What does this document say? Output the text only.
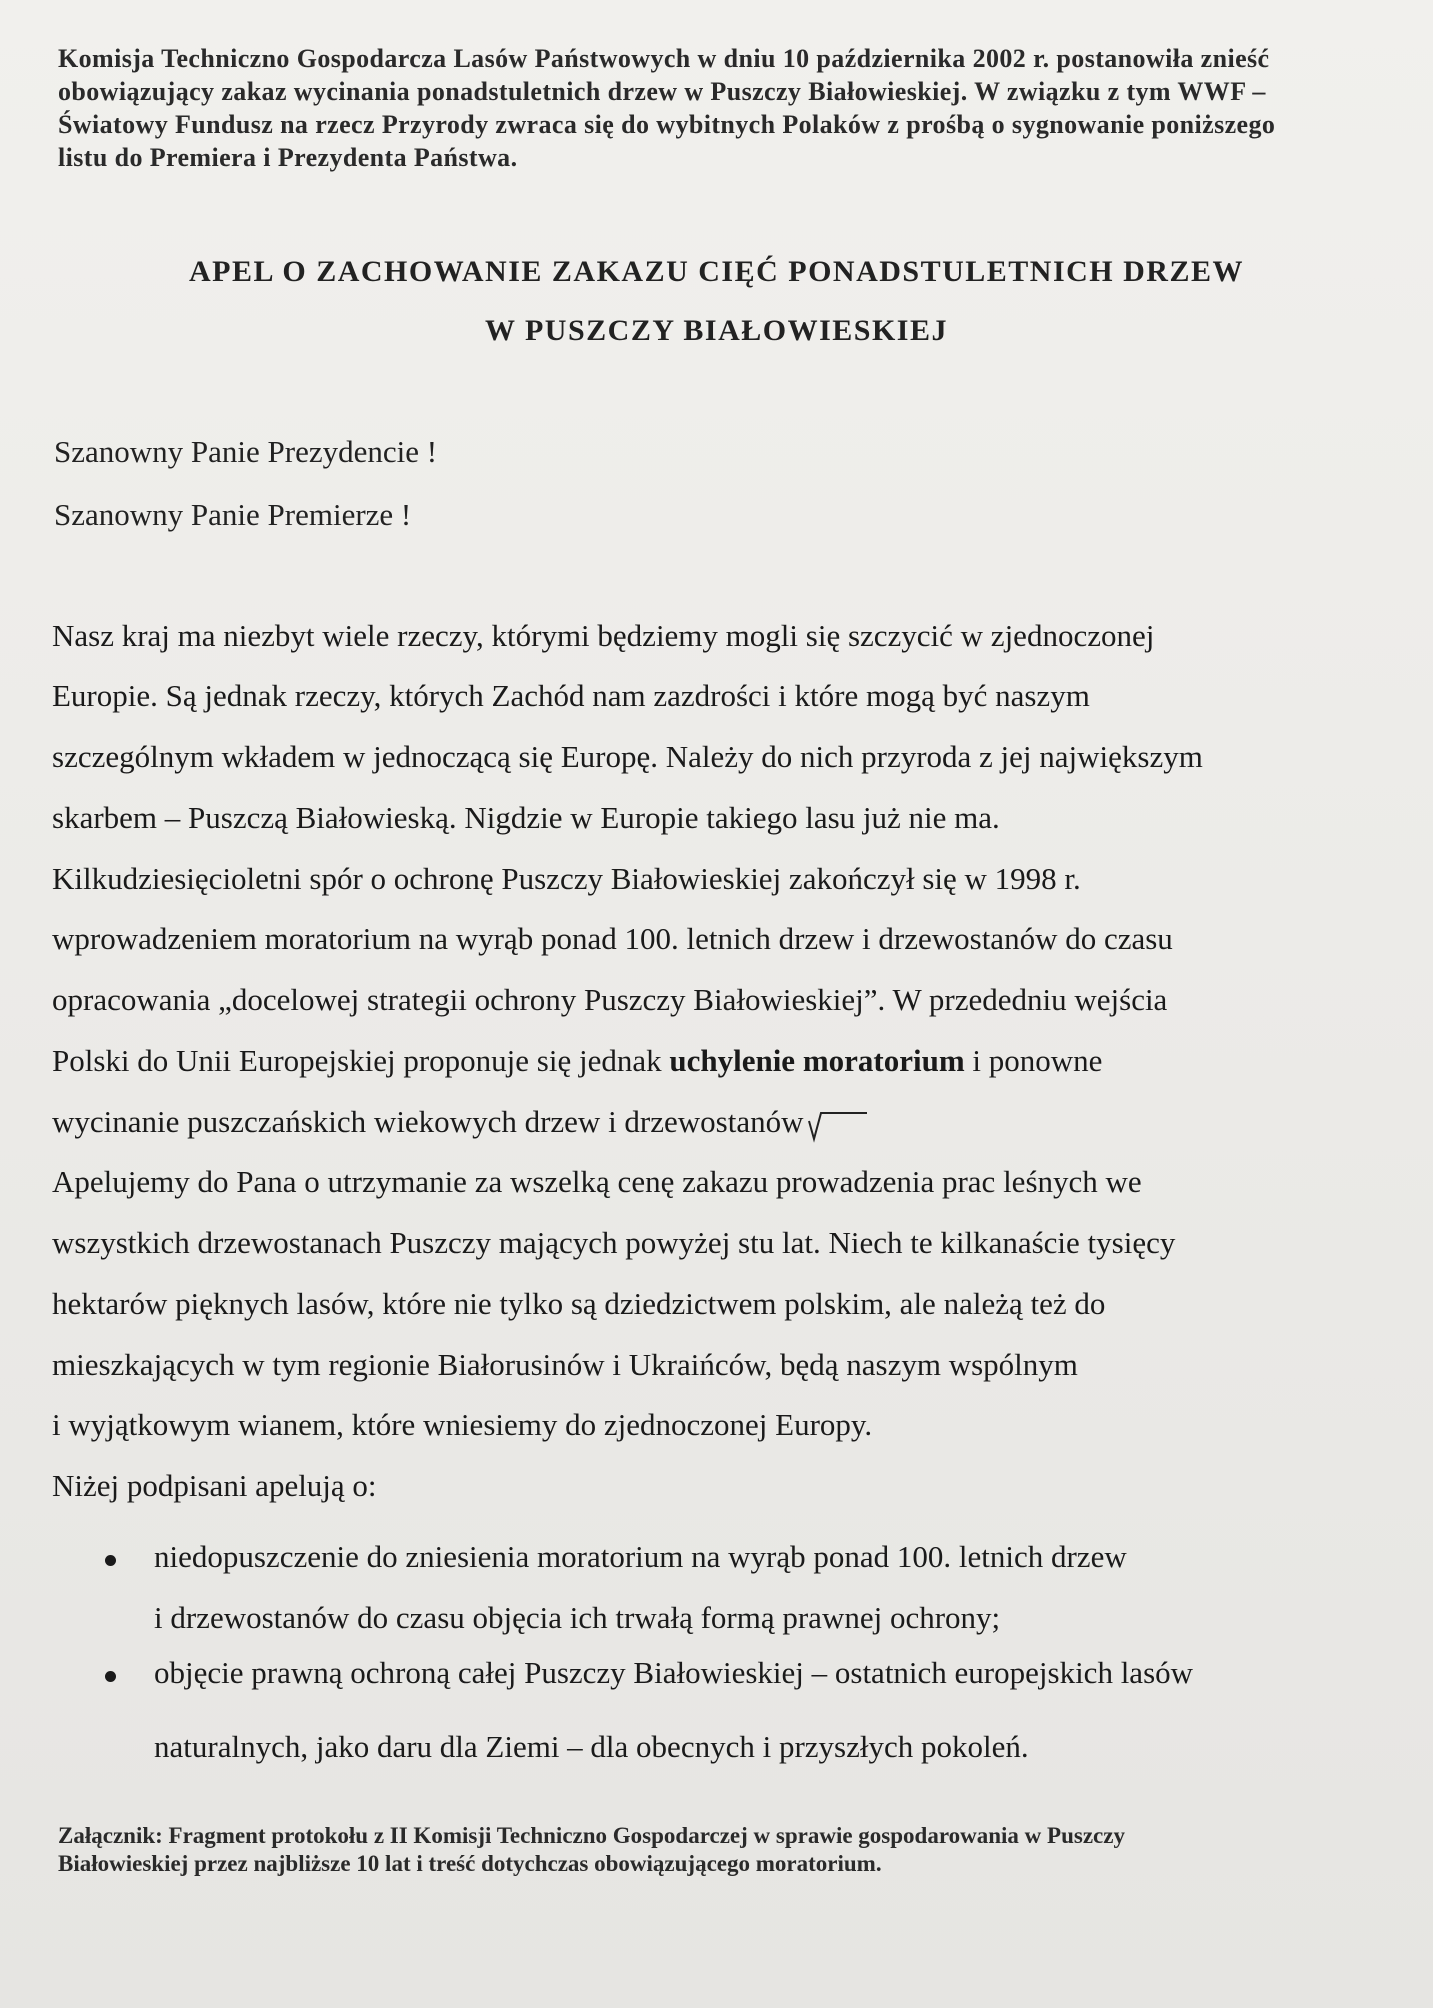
Komisja Techniczno Gospodarcza Lasów Państwowych w dniu 10 października 2002 r. postanowiła znieść
obowiązujący zakaz wycinania ponadstuletnich drzew w Puszczy Białowieskiej. W związku z tym WWF –
Światowy Fundusz na rzecz Przyrody zwraca się do wybitnych Polaków z prośbą o sygnowanie poniższego
listu do Premiera i Prezydenta Państwa.
APEL O ZACHOWANIE ZAKAZU CIĘĆ PONADSTULETNICH DRZEW
W PUSZCZY BIAŁOWIESKIEJ
Szanowny Panie Prezydencie !
Szanowny Panie Premierze !
Nasz kraj ma niezbyt wiele rzeczy, którymi będziemy mogli się szczycić w zjednoczonej
Europie. Są jednak rzeczy, których Zachód nam zazdrości i które mogą być naszym
szczególnym wkładem w jednoczącą się Europę. Należy do nich przyroda z jej największym
skarbem – Puszczą Białowieską. Nigdzie w Europie takiego lasu już nie ma.
Kilkudziesięcioletni spór o ochronę Puszczy Białowieskiej zakończył się w 1998 r.
wprowadzeniem moratorium na wyrąb ponad 100. letnich drzew i drzewostanów do czasu
opracowania „docelowej strategii ochrony Puszczy Białowieskiej”. W przededniu wejścia
Polski do Unii Europejskiej proponuje się jednak uchylenie moratorium i ponowne
wycinanie puszczańskich wiekowych drzew i drzewostanów
Apelujemy do Pana o utrzymanie za wszelką cenę zakazu prowadzenia prac leśnych we
wszystkich drzewostanach Puszczy mających powyżej stu lat. Niech te kilkanaście tysięcy
hektarów pięknych lasów, które nie tylko są dziedzictwem polskim, ale należą też do
mieszkających w tym regionie Białorusinów i Ukraińców, będą naszym wspólnym
i wyjątkowym wianem, które wniesiemy do zjednoczonej Europy.
Niżej podpisani apelują o:
niedopuszczenie do zniesienia moratorium na wyrąb ponad 100. letnich drzew
i drzewostanów do czasu objęcia ich trwałą formą prawnej ochrony;
objęcie prawną ochroną całej Puszczy Białowieskiej – ostatnich europejskich lasów
naturalnych, jako daru dla Ziemi – dla obecnych i przyszłych pokoleń.
Załącznik: Fragment protokołu z II Komisji Techniczno Gospodarczej w sprawie gospodarowania w Puszczy
Białowieskiej przez najbliższe 10 lat i treść dotychczas obowiązującego moratorium.
